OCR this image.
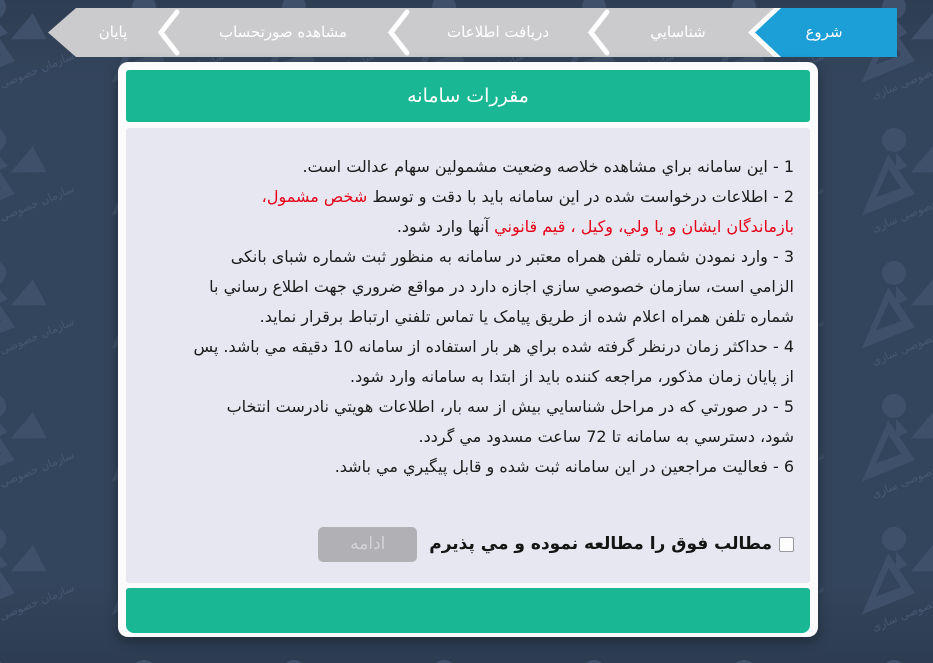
شروع
شناسايي
دريافت اطلاعات
مشاهده صورتحساب
پايان
مقررات سامانه
1 - اين سامانه براي مشاهده خلاصه وضعيت مشمولين سهام عدالت است.
2 - اطلاعات درخواست شده در اين سامانه بايد با دقت و توسط شخص مشمول،
بازماندگان ايشان و يا ولي، وكيل ، قيم قانوني آنها وارد شود.
3 - وارد نمودن شماره تلفن همراه معتبر در سامانه به منظور ثبت شماره شبای بانکی
الزامي است، سازمان خصوصي سازي اجازه دارد در مواقع ضروري جهت اطلاع رساني با
شماره تلفن همراه اعلام شده از طريق پيامک يا تماس تلفني ارتباط برقرار نمايد.
4 - حداکثر زمان درنظر گرفته شده براي هر بار استفاده از سامانه 10 دقيقه مي باشد. پس
از پايان زمان مذکور، مراجعه کننده بايد از ابتدا به سامانه وارد شود.
5 - در صورتي که در مراحل شناسايي بيش از سه بار، اطلاعات هويتي نادرست انتخاب
شود، دسترسي به سامانه تا 72 ساعت مسدود مي گردد.
6 - فعاليت مراجعين در اين سامانه ثبت شده و قابل پيگيري مي باشد.
مطالب فوق را مطالعه نموده و مي پذيرم
ادامه
